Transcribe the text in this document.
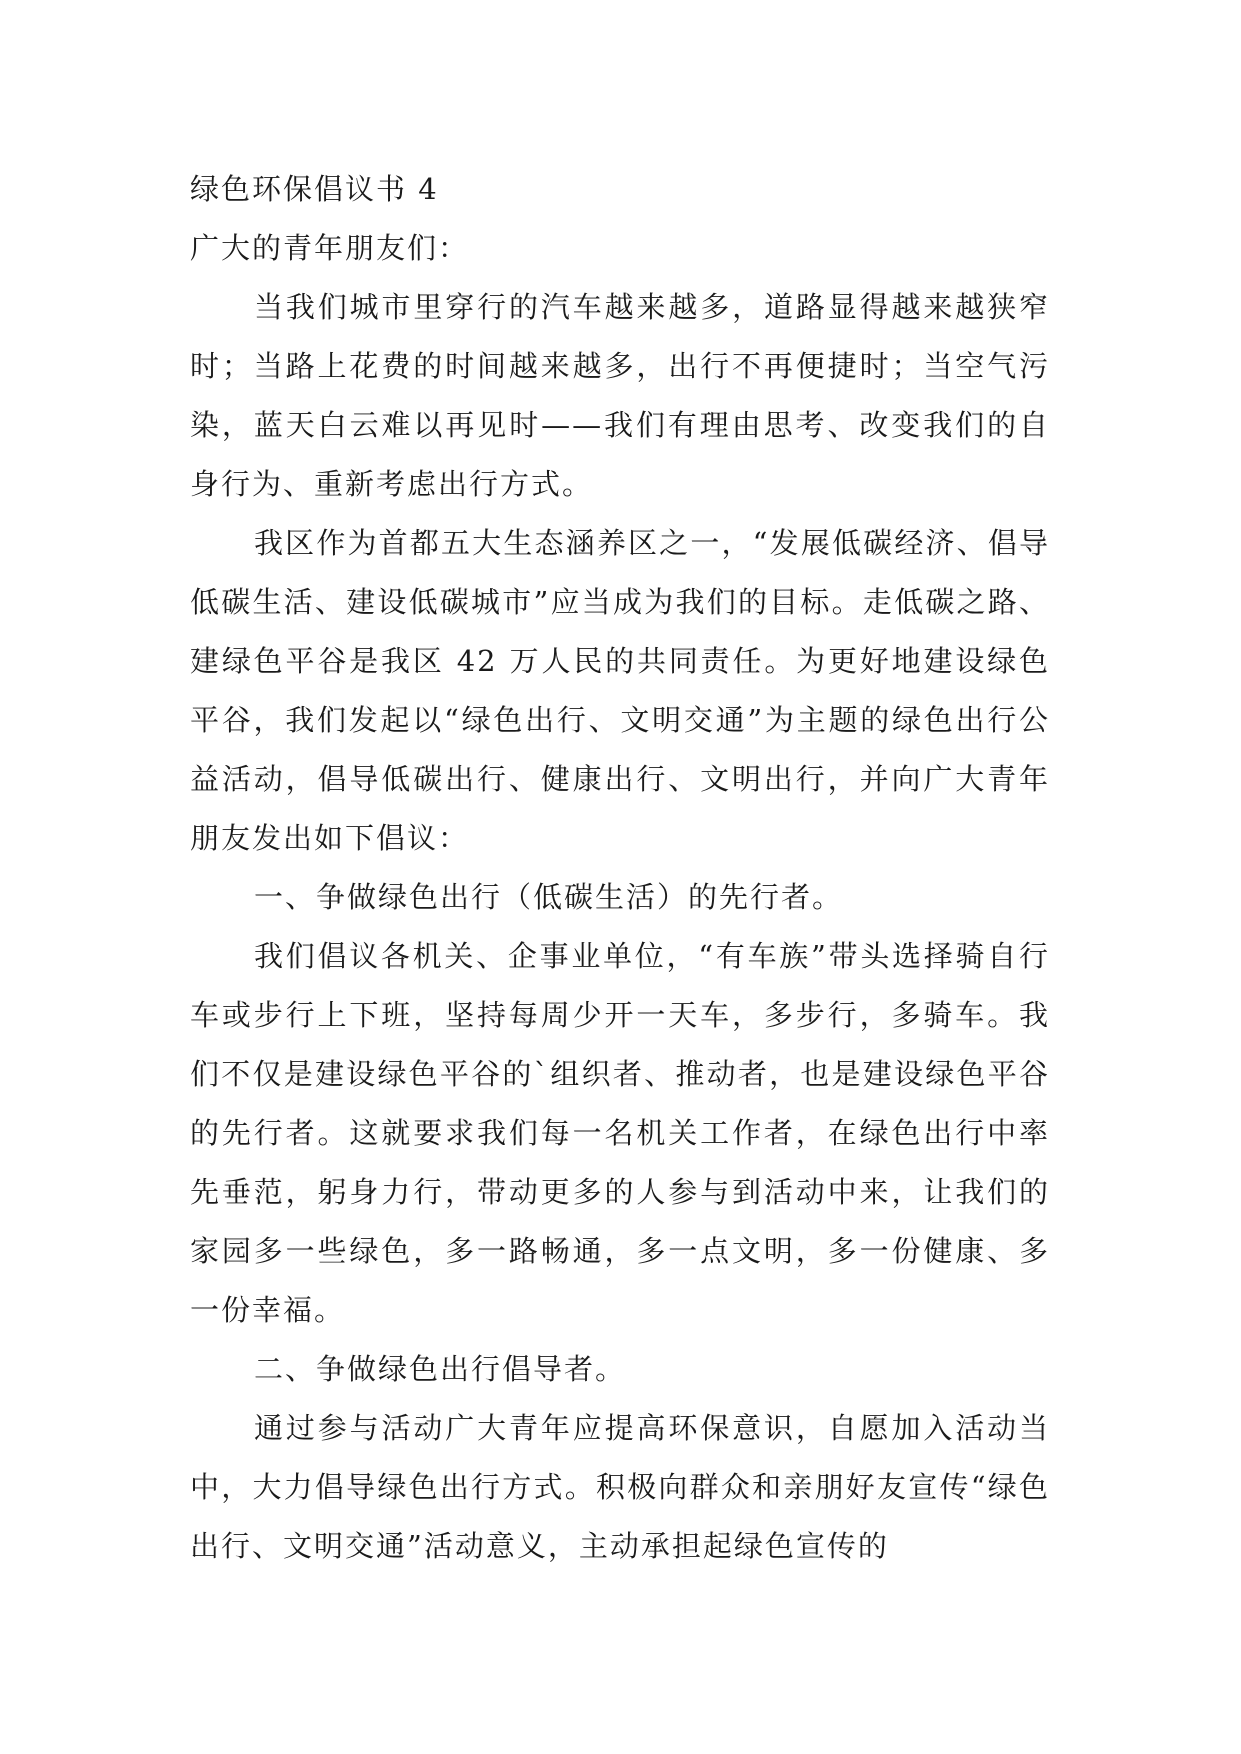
绿色环保倡议书 4

广大的青年朋友们：

当我们城市里穿行的汽车越来越多，道路显得越来越狭窄时；当路上花费的时间越来越多，出行不再便捷时；当空气污染，蓝天白云难以再见时——我们有理由思考、改变我们的自身行为、重新考虑出行方式。

我区作为首都五大生态涵养区之一，“发展低碳经济、倡导低碳生活、建设低碳城市”应当成为我们的目标。走低碳之路、建绿色平谷是我区 42 万人民的共同责任。为更好地建设绿色平谷，我们发起以“绿色出行、文明交通”为主题的绿色出行公益活动，倡导低碳出行、健康出行、文明出行，并向广大青年朋友发出如下倡议：

一、争做绿色出行（低碳生活）的先行者。

我们倡议各机关、企事业单位，“有车族”带头选择骑自行车或步行上下班，坚持每周少开一天车，多步行，多骑车。我们不仅是建设绿色平谷的`组织者、推动者，也是建设绿色平谷的先行者。这就要求我们每一名机关工作者，在绿色出行中率先垂范，躬身力行，带动更多的人参与到活动中来，让我们的家园多一些绿色，多一路畅通，多一点文明，多一份健康、多一份幸福。

二、争做绿色出行倡导者。

通过参与活动广大青年应提高环保意识，自愿加入活动当中，大力倡导绿色出行方式。积极向群众和亲朋好友宣传“绿色出行、文明交通”活动意义，主动承担起绿色宣传的
